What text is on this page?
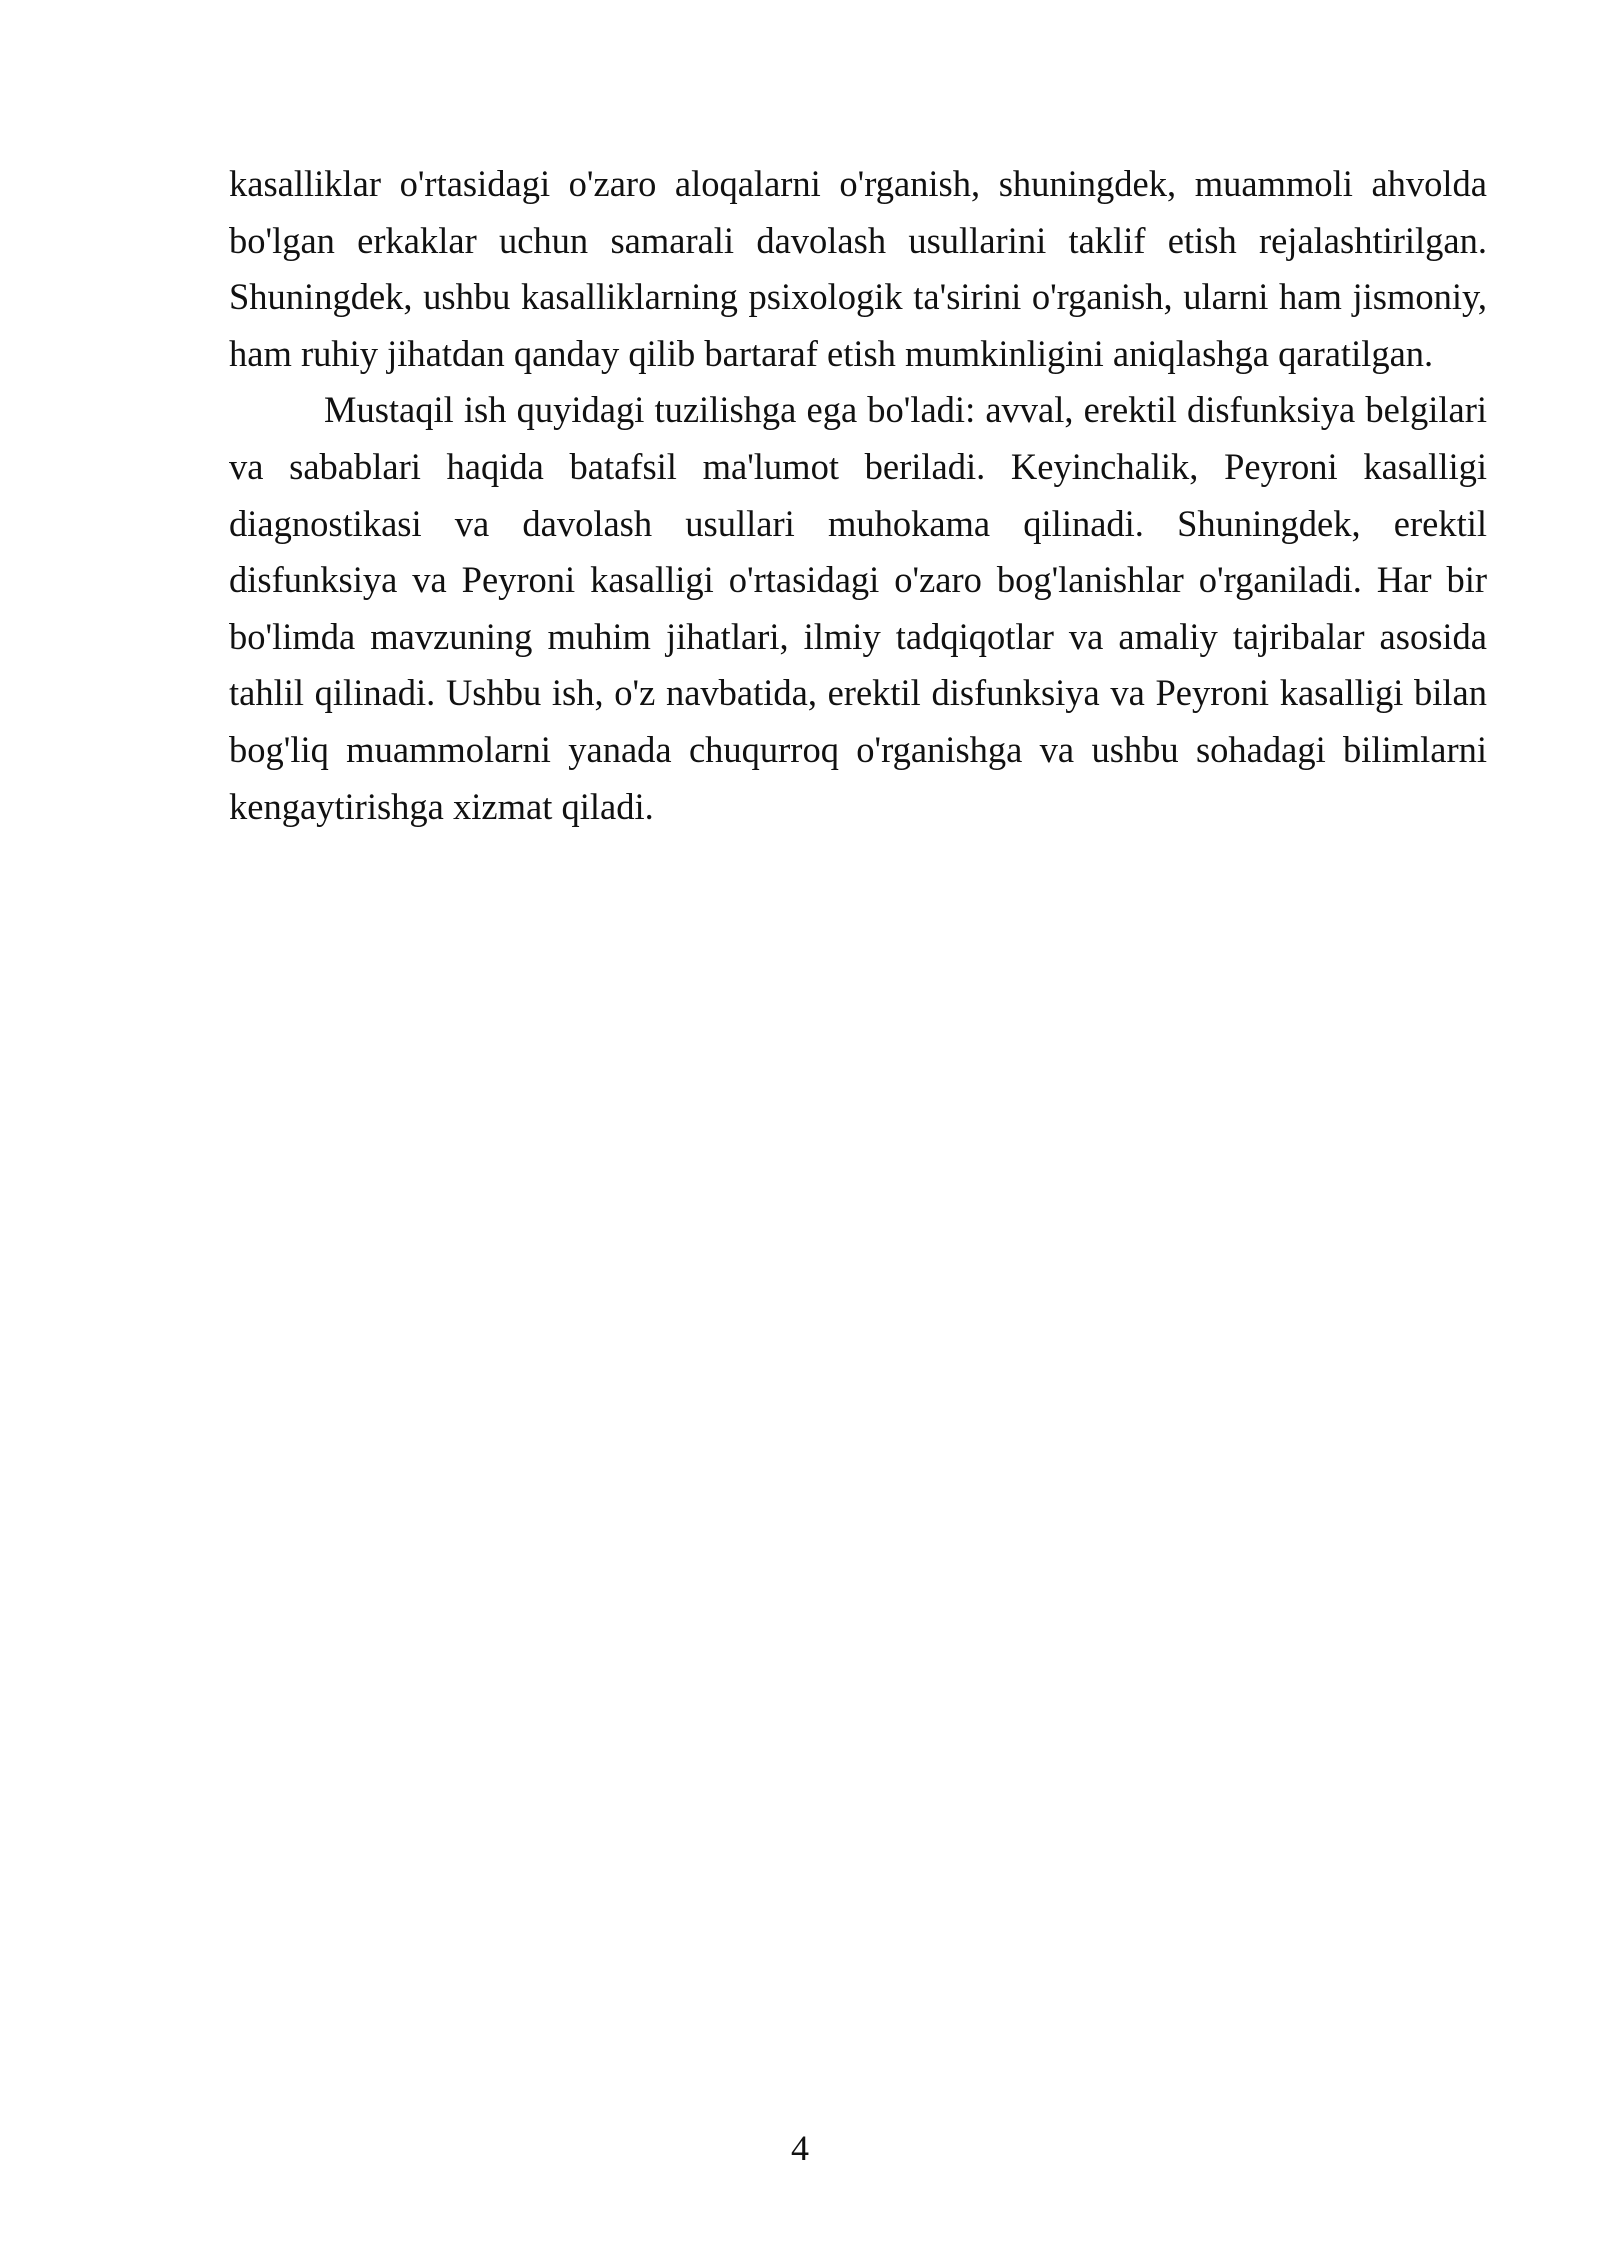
kasalliklar o'rtasidagi o'zaro aloqalarni o'rganish, shuningdek, muammoli ahvolda bo'lgan erkaklar uchun samarali davolash usullarini taklif etish rejalashtirilgan. Shuningdek, ushbu kasalliklarning psixologik ta'sirini o'rganish, ularni ham jismoniy, ham ruhiy jihatdan qanday qilib bartaraf etish mumkinligini aniqlashga qaratilgan.

Mustaqil ish quyidagi tuzilishga ega bo'ladi: avval, erektil disfunksiya belgilari va sabablari haqida batafsil ma'lumot beriladi. Keyinchalik, Peyroni kasalligi diagnostikasi va davolash usullari muhokama qilinadi. Shuningdek, erektil disfunksiya va Peyroni kasalligi o'rtasidagi o'zaro bog'lanishlar o'rganiladi. Har bir bo'limda mavzuning muhim jihatlari, ilmiy tadqiqotlar va amaliy tajribalar asosida tahlil qilinadi. Ushbu ish, o'z navbatida, erektil disfunksiya va Peyroni kasalligi bilan bog'liq muammolarni yanada chuqurroq o'rganishga va ushbu sohadagi bilimlarni kengaytirishga xizmat qiladi.

4
